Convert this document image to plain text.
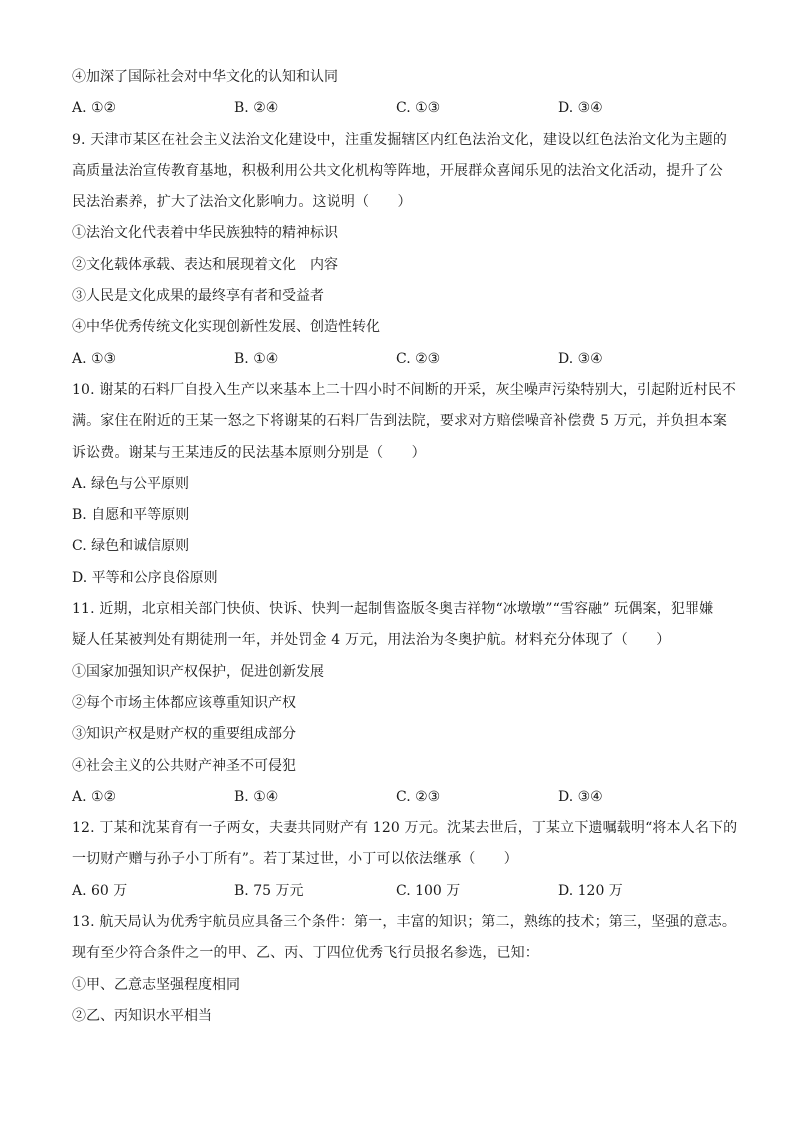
④加深了国际社会对中华文化的认知和认同
A. ①②	B. ②④	C. ①③	D. ③④
9. 天津市某区在社会主义法治文化建设中，注重发掘辖区内红色法治文化，建设以红色法治文化为主题的
高质量法治宣传教育基地，积极利用公共文化机构等阵地，开展群众喜闻乐见的法治文化活动，提升了公
民法治素养，扩大了法治文化影响力。这说明（　　）
①法治文化代表着中华民族独特的精神标识
②文化载体承载、表达和展现着文化　内容
③人民是文化成果的最终享有者和受益者
④中华优秀传统文化实现创新性发展、创造性转化
A. ①③	B. ①④	C. ②③	D. ③④
10. 谢某的石料厂自投入生产以来基本上二十四小时不间断的开采，灰尘噪声污染特别大，引起附近村民不
满。家住在附近的王某一怒之下将谢某的石料厂告到法院，要求对方赔偿噪音补偿费 5 万元，并负担本案
诉讼费。谢某与王某违反的民法基本原则分别是（　　）
A. 绿色与公平原则
B. 自愿和平等原则
C. 绿色和诚信原则
D. 平等和公序良俗原则
11. 近期，北京相关部门快侦、快诉、快判一起制售盗版冬奥吉祥物“冰墩墩”“雪容融” 玩偶案，犯罪嫌
疑人任某被判处有期徒刑一年，并处罚金 4 万元，用法治为冬奥护航。材料充分体现了（　　）
①国家加强知识产权保护，促进创新发展
②每个市场主体都应该尊重知识产权
③知识产权是财产权的重要组成部分
④社会主义的公共财产神圣不可侵犯
A. ①②	B. ①④	C. ②③	D. ③④
12. 丁某和沈某育有一子两女，夫妻共同财产有 120 万元。沈某去世后，丁某立下遗嘱载明“将本人名下的
一切财产赠与孙子小丁所有”。若丁某过世，小丁可以依法继承（　　）
A. 60 万	B. 75 万元	C. 100 万	D. 120 万
13. 航天局认为优秀宇航员应具备三个条件：第一，丰富的知识；第二，熟练的技术；第三，坚强的意志。
现有至少符合条件之一的甲、乙、丙、丁四位优秀飞行员报名参选，已知：
①甲、乙意志坚强程度相同
②乙、丙知识水平相当
